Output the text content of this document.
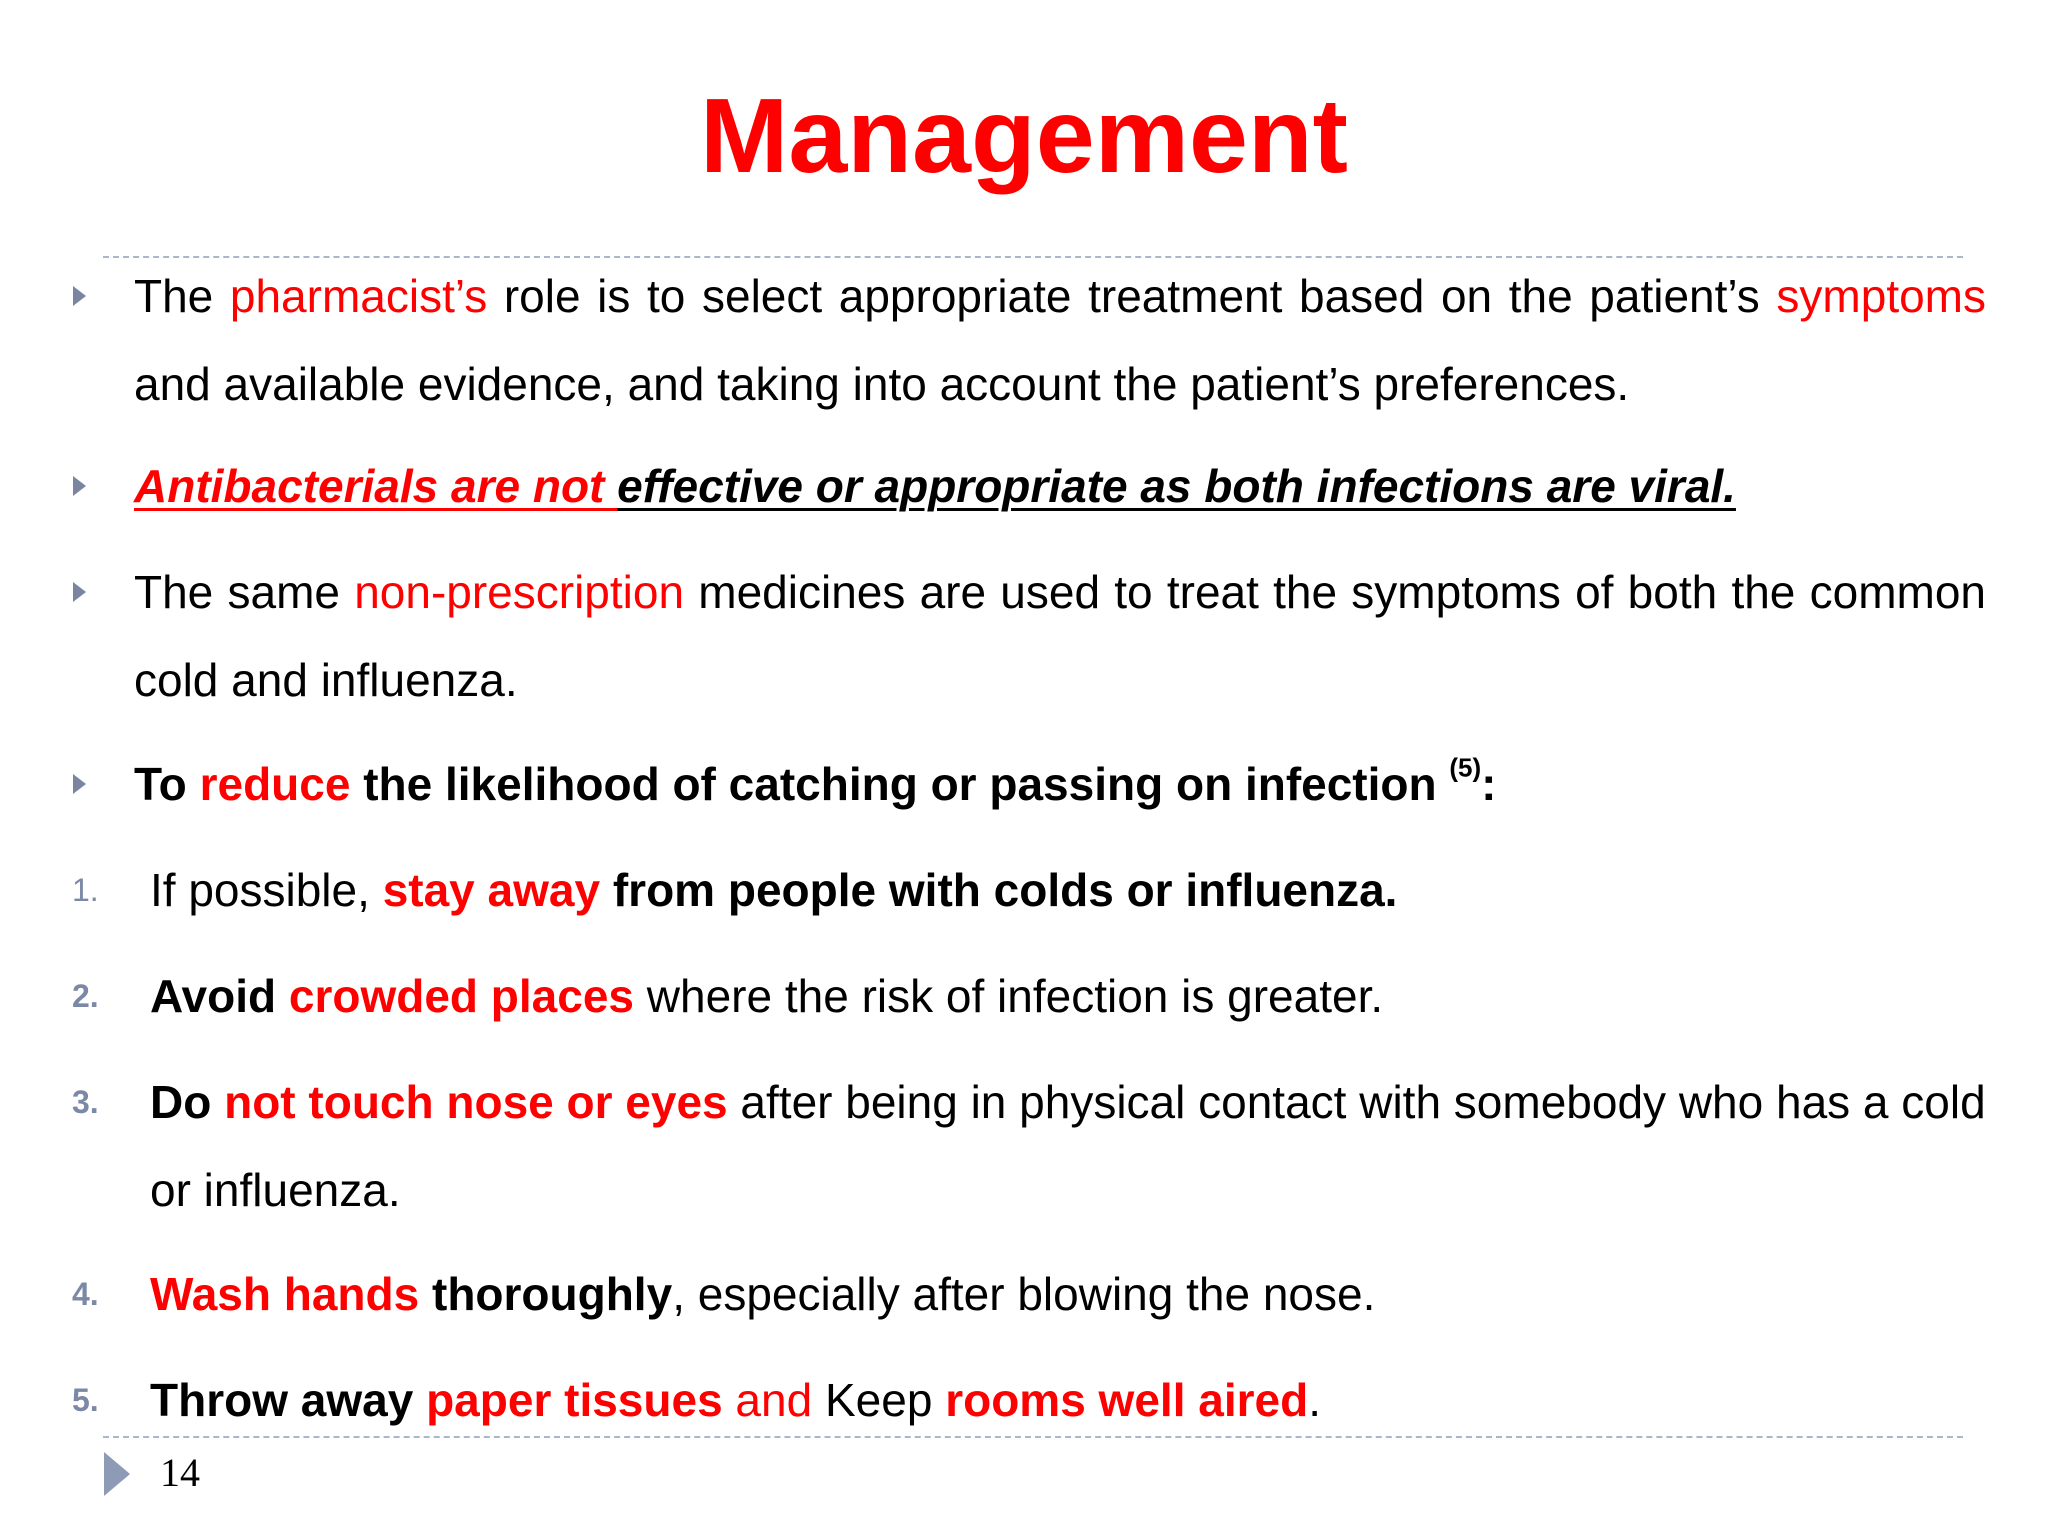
Management
The pharmacist’s role is to select appropriate treatment based on the patient’s symptoms and available evidence, and taking into account the patient’s preferences.
Antibacterials are not effective or appropriate as both infections are viral.
The same non-prescription medicines are used to treat the symptoms of both the common cold and influenza.
To reduce the likelihood of catching or passing on infection $^{(5)}$:
1. If possible, stay away from people with colds or influenza.
2. Avoid crowded places where the risk of infection is greater.
3. Do not touch nose or eyes after being in physical contact with somebody who has a cold or influenza.
4. Wash hands thoroughly, especially after blowing the nose.
5. Throw away paper tissues and Keep rooms well aired.
14
